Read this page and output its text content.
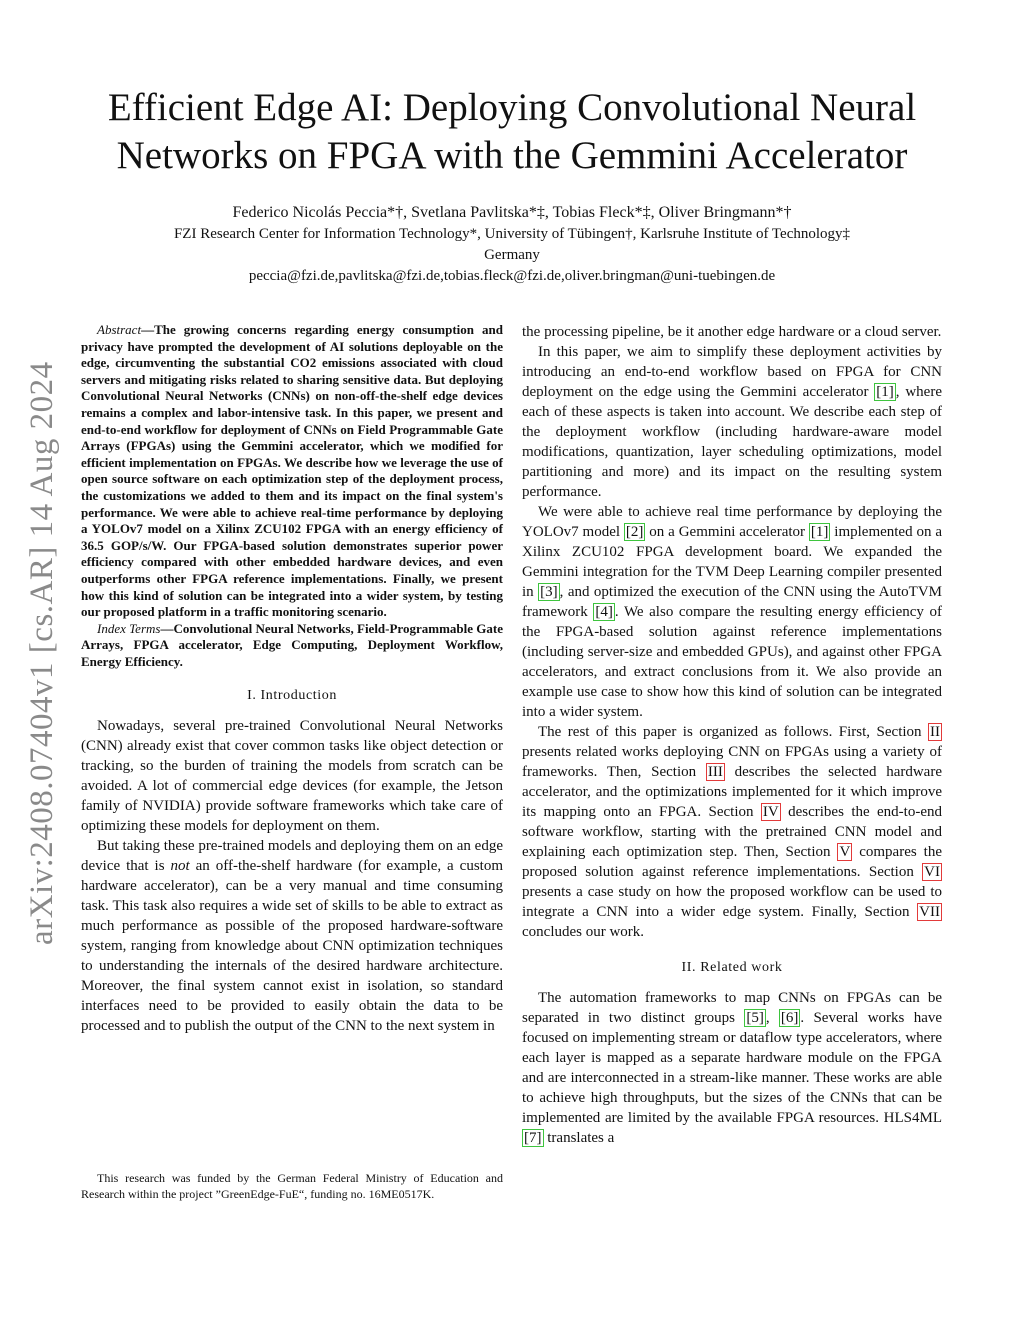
arXiv:2408.07404v1 [cs.AR] 14 Aug 2024
Efficient Edge AI: Deploying Convolutional Neural
Networks on FPGA with the Gemmini Accelerator
Federico Nicolás Peccia*†, Svetlana Pavlitska*‡, Tobias Fleck*‡, Oliver Bringmann*†
FZI Research Center for Information Technology*, University of Tübingen†, Karlsruhe Institute of Technology‡
Germany
peccia@fzi.de,pavlitska@fzi.de,tobias.fleck@fzi.de,oliver.bringman@uni-tuebingen.de

Abstract—The growing concerns regarding energy consumption and privacy have prompted the development of AI solutions deployable on the edge, circumventing the substantial CO2 emissions associated with cloud servers and mitigating risks related to sharing sensitive data. But deploying Convolutional Neural Networks (CNNs) on non-off-the-shelf edge devices remains a complex and labor-intensive task. In this paper, we present and end-to-end workflow for deployment of CNNs on Field Programmable Gate Arrays (FPGAs) using the Gemmini accelerator, which we modified for efficient implementation on FPGAs. We describe how we leverage the use of open source software on each optimization step of the deployment process, the customizations we added to them and its impact on the final system's performance. We were able to achieve real-time performance by deploying a YOLOv7 model on a Xilinx ZCU102 FPGA with an energy efficiency of 36.5 GOP/s/W. Our FPGA-based solution demonstrates superior power efficiency compared with other embedded hardware devices, and even outperforms other FPGA reference implementations. Finally, we present how this kind of solution can be integrated into a wider system, by testing our proposed platform in a traffic monitoring scenario.

Index Terms—Convolutional Neural Networks, Field-Programmable Gate Arrays, FPGA accelerator, Edge Computing, Deployment Workflow, Energy Efficiency.

I. Introduction

Nowadays, several pre-trained Convolutional Neural Networks (CNN) already exist that cover common tasks like object detection or tracking, so the burden of training the models from scratch can be avoided. A lot of commercial edge devices (for example, the Jetson family of NVIDIA) provide software frameworks which take care of optimizing these models for deployment on them.

But taking these pre-trained models and deploying them on an edge device that is not an off-the-shelf hardware (for example, a custom hardware accelerator), can be a very manual and time consuming task. This task also requires a wide set of skills to be able to extract as much performance as possible of the proposed hardware-software system, ranging from knowledge about CNN optimization techniques to understanding the internals of the desired hardware architecture. Moreover, the final system cannot exist in isolation, so standard interfaces need to be provided to easily obtain the data to be processed and to publish the output of the CNN to the next system in

This research was funded by the German Federal Ministry of Education and Research within the project ”GreenEdge-FuE“, funding no. 16ME0517K.

the processing pipeline, be it another edge hardware or a cloud server.

In this paper, we aim to simplify these deployment activities by introducing an end-to-end workflow based on FPGA for CNN deployment on the edge using the Gemmini accelerator [1] , where each of these aspects is taken into account. We describe each step of the deployment workflow (including hardware-aware model modifications, quantization, layer scheduling optimizations, model partitioning and more) and its impact on the resulting system performance.

We were able to achieve real time performance by deploying the YOLOv7 model [2] on a Gemmini accelerator [1] implemented on a Xilinx ZCU102 FPGA development board. We expanded the Gemmini integration for the TVM Deep Learning compiler presented in [3] , and optimized the execution of the CNN using the AutoTVM framework [4] . We also compare the resulting energy efficiency of the FPGA-based solution against reference implementations (including server-size and embedded GPUs), and against other FPGA accelerators, and extract conclusions from it. We also provide an example use case to show how this kind of solution can be integrated into a wider system.

The rest of this paper is organized as follows. First, Section II presents related works deploying CNN on FPGAs using a variety of frameworks. Then, Section III describes the selected hardware accelerator, and the optimizations implemented for it which improve its mapping onto an FPGA. Section IV describes the end-to-end software workflow, starting with the pretrained CNN model and explaining each optimization step. Then, Section V compares the proposed solution against reference implementations. Section VI presents a case study on how the proposed workflow can be used to integrate a CNN into a wider edge system. Finally, Section VII concludes our work.

II. Related work

The automation frameworks to map CNNs on FPGAs can be separated in two distinct groups [5] , [6] . Several works have focused on implementing stream or dataflow type accelerators, where each layer is mapped as a separate hardware module on the FPGA and are interconnected in a stream-like manner. These works are able to achieve high throughputs, but the sizes of the CNNs that can be implemented are limited by the available FPGA resources. HLS4ML [7] translates a
